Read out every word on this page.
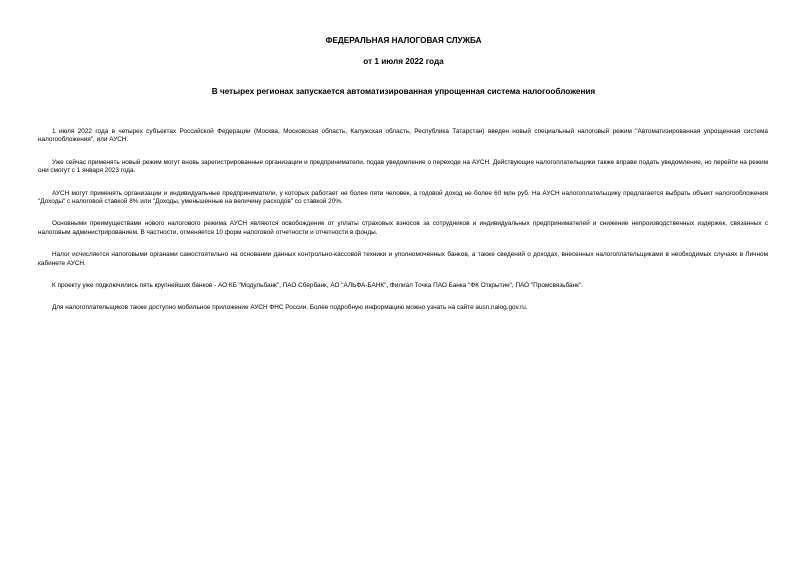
ФЕДЕРАЛЬНАЯ НАЛОГОВАЯ СЛУЖБА
от 1 июля 2022 года
В четырех регионах запускается автоматизированная упрощенная система налогообложения

1 июля 2022 года в четырех субъектах Российской Федерации (Москва, Московская область, Калужская область, Республика Татарстан) введен новый специальный налоговый режим "Автоматизированная упрощенная система налогообложения", или АУСН.

Уже сейчас применять новый режим могут вновь зарегистрированные организации и предприниматели, подав уведомление о переходе на АУСН. Действующие налогоплательщики также вправе подать уведомление, но перейти на режим они смогут с 1 января 2023 года.

АУСН могут применять организации и индивидуальные предприниматели, у которых работает не более пяти человек, а годовой доход не более 60 млн руб. На АУСН налогоплательщику предлагается выбрать объект налогообложения "Доходы" с налоговой ставкой 8% или "Доходы, уменьшенные на величину расходов" со ставкой 20%.

Основными преимуществами нового налогового режима АУСН являются освобождение от уплаты страховых взносов за сотрудников и индивидуальных предпринимателей и снижение непроизводственных издержек, связанных с налоговым администрированием. В частности, отменяется 10 форм налоговой отчетности и отчетности в фонды.

Налог исчисляется налоговыми органами самостоятельно на основании данных контрольно-кассовой техники и уполномоченных банков, а также сведений о доходах, внесенных налогоплательщиками в необходимых случаях в Личном кабинете АУСН.

К проекту уже подключились пять крупнейших банков - АО КБ "Модульбанк", ПАО Сбербанк, АО "АЛЬФА-БАНК", Филиал Точка ПАО Банка "ФК Открытие", ПАО "Промсвязьбанк".

Для налогоплательщиков также доступно мобильное приложение АУСН ФНС России. Более подробную информацию можно узнать на сайте ausn.nalog.gov.ru.
